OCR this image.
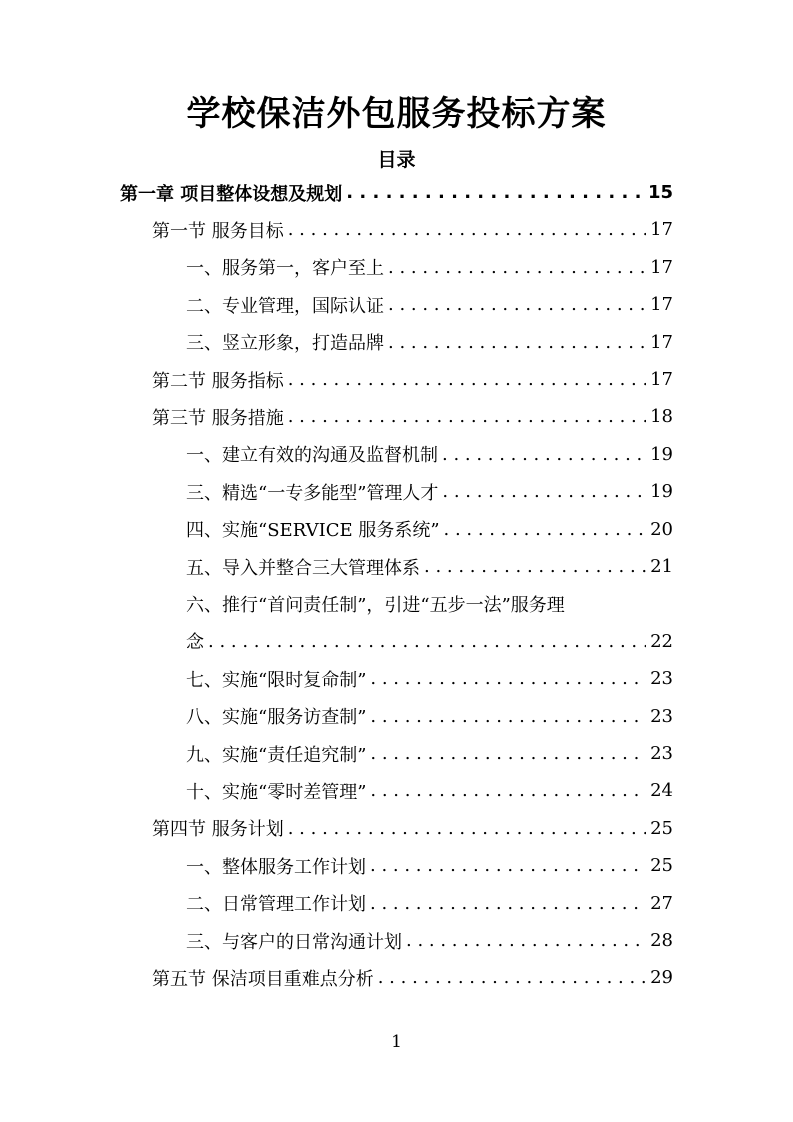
学校保洁外包服务投标方案
目录
第一章 项目整体设想及规划 . . .	15
第一节 服务目标 . . .	17
一、服务第一，客户至上 . . .	17
二、专业管理，国际认证 . . .	17
三、竖立形象，打造品牌 . . .	17
第二节 服务指标 . . .	17
第三节 服务措施 . . .	18
一、建立有效的沟通及监督机制 . . .	19
三、精选“一专多能型”管理人才 . . .	19
四、实施“SERVICE 服务系统” . . .	20
五、导入并整合三大管理体系 . . .	21
六、推行“首问责任制”，引进“五步一法”服务理
念 . . .	22
七、实施“限时复命制” . . .	23
八、实施“服务访查制” . . .	23
九、实施“责任追究制” . . .	23
十、实施“零时差管理” . . .	24
第四节 服务计划 . . .	25
一、整体服务工作计划 . . .	25
二、日常管理工作计划 . . .	27
三、与客户的日常沟通计划 . . .	28
第五节 保洁项目重难点分析 . . .	29
1
